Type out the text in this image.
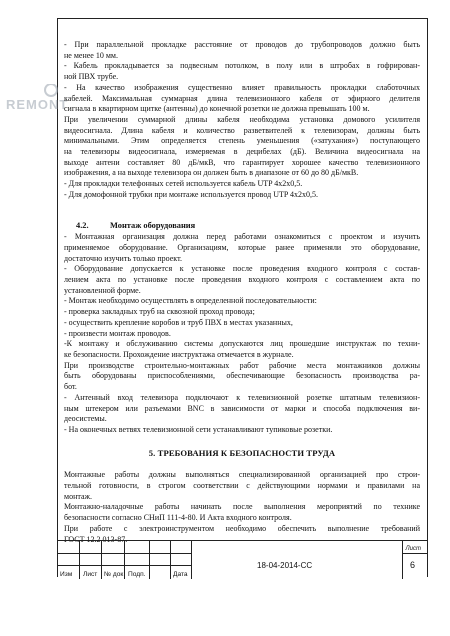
REMONT
- При параллельной прокладке расстояние от проводов до трубопроводов должно быть
не менее 10 мм.
- Кабель прокладывается за подвесным потолком, в полу или в штробах в гофрирован-
ной ПВХ трубе.
- На качество изображения существенно влияет правильность прокладки слаботочных
кабелей. Максимальная суммарная длина телевизионного кабеля от эфирного делителя
сигнала в квартирном щитке (антенны) до конечной розетки не должна превышать 100 м.
При увеличении суммарной длины кабеля необходима установка домового усилителя
видеосигнала. Длина кабеля и количество разветвителей к телевизорам, должны быть
минимальными. Этим определяется степень уменьшения («затухания») поступающего
на телевизоры видеосигнала, измеряемая в децибелах (дБ). Величина видеосигнала на
выходе антени составляет 80 дБ/мкВ, что гарантирует хорошее качество телевизионного
изображения, а на выходе телевизора он должен быть в диапазоне от 60 до 80 дБ/мкВ.
- Для прокладки телефонных сетей используется кабель UTP 4x2x0,5.
- Для домофонной трубки при монтаже используется провод UTP 4x2x0,5.
4.2.	Монтаж оборудования
- Монтажная организация должна перед работами ознакомиться с проектом и изучить
применяемое оборудование. Организациям, которые ранее применяли это оборудование,
достаточно изучить только проект.
- Оборудование допускается к установке после проведения входного контроля с состав-
лением акта по установке после проведения входного контроля с составлением акта по
установленной форме.
- Монтаж необходимо осуществлять в определенной последовательности:
- проверка закладных труб на сквозной проход провода;
- осуществить крепление коробов и труб ПВХ в местах указанных,
- произвести монтаж проводов.
-К монтажу и обслуживанию системы допускаются лиц прошедшие инструктаж по техни-
ке безопасности. Прохождение инструктажа отмечается в журнале.
При производстве строительно-монтажных работ рабочие места монтажников должны
быть оборудованы приспособлениями, обеспечивающие безопасность производства ра-
бот.
- Антенный вход телевизора подключают к телевизионной розетке штатным телевизион-
ным штекером или разъемами BNC в зависимости от марки и способа подключения ви-
деосистемы.
- На оконечных ветвях телевизионной сети устанавливают тупиковые розетки.
5. ТРЕБОВАНИЯ К БЕЗОПАСНОСТИ ТРУДА
Монтажные работы должны выполняться специализированной организацией про строи-
тельной готовности, в строгом соответствии с действующими нормами и правилами на
монтаж.
Монтажно-наладочные работы начинать после выполнения мероприятий по технике
безопасности согласно СНиП 111-4-80. И Акта входного контроля.
При работе с электроинструментом необходимо обеспечить выполнение требований
ГОСТ 12.2.013-87.
Изм Лист № док Подп.	Дата
18-04-2014-СС
Лист
6
